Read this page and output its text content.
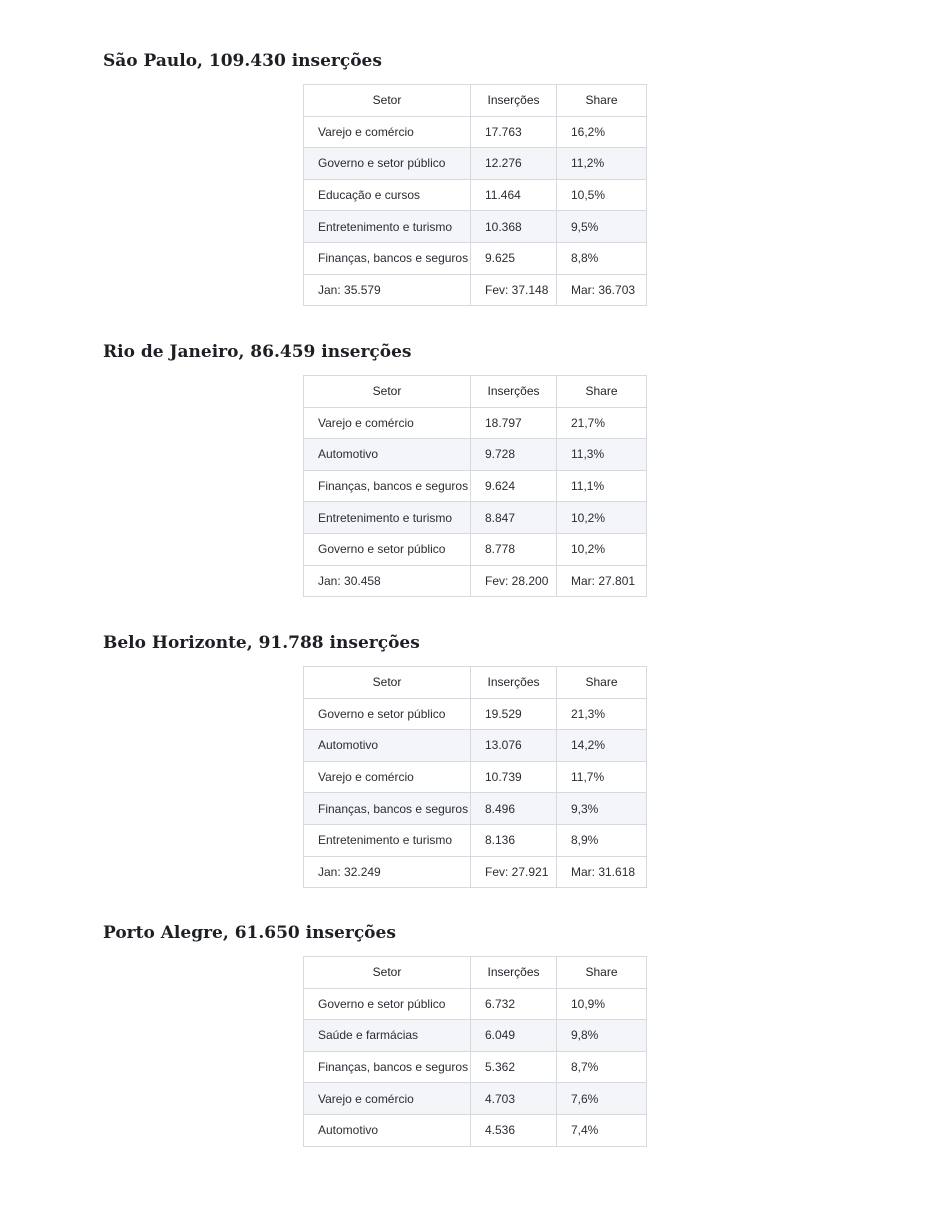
São Paulo, 109.430 inserções
Setor	Inserções	Share
Varejo e comércio	17.763	16,2%
Governo e setor público	12.276	11,2%
Educação e cursos	11.464	10,5%
Entretenimento e turismo	10.368	9,5%
Finanças, bancos e seguros	9.625	8,8%
Jan: 35.579	Fev: 37.148	Mar: 36.703
Rio de Janeiro, 86.459 inserções
Setor	Inserções	Share
Varejo e comércio	18.797	21,7%
Automotivo	9.728	11,3%
Finanças, bancos e seguros	9.624	11,1%
Entretenimento e turismo	8.847	10,2%
Governo e setor público	8.778	10,2%
Jan: 30.458	Fev: 28.200	Mar: 27.801
Belo Horizonte, 91.788 inserções
Setor	Inserções	Share
Governo e setor público	19.529	21,3%
Automotivo	13.076	14,2%
Varejo e comércio	10.739	11,7%
Finanças, bancos e seguros	8.496	9,3%
Entretenimento e turismo	8.136	8,9%
Jan: 32.249	Fev: 27.921	Mar: 31.618
Porto Alegre, 61.650 inserções
Setor	Inserções	Share
Governo e setor público	6.732	10,9%
Saúde e farmácias	6.049	9,8%
Finanças, bancos e seguros	5.362	8,7%
Varejo e comércio	4.703	7,6%
Automotivo	4.536	7,4%
